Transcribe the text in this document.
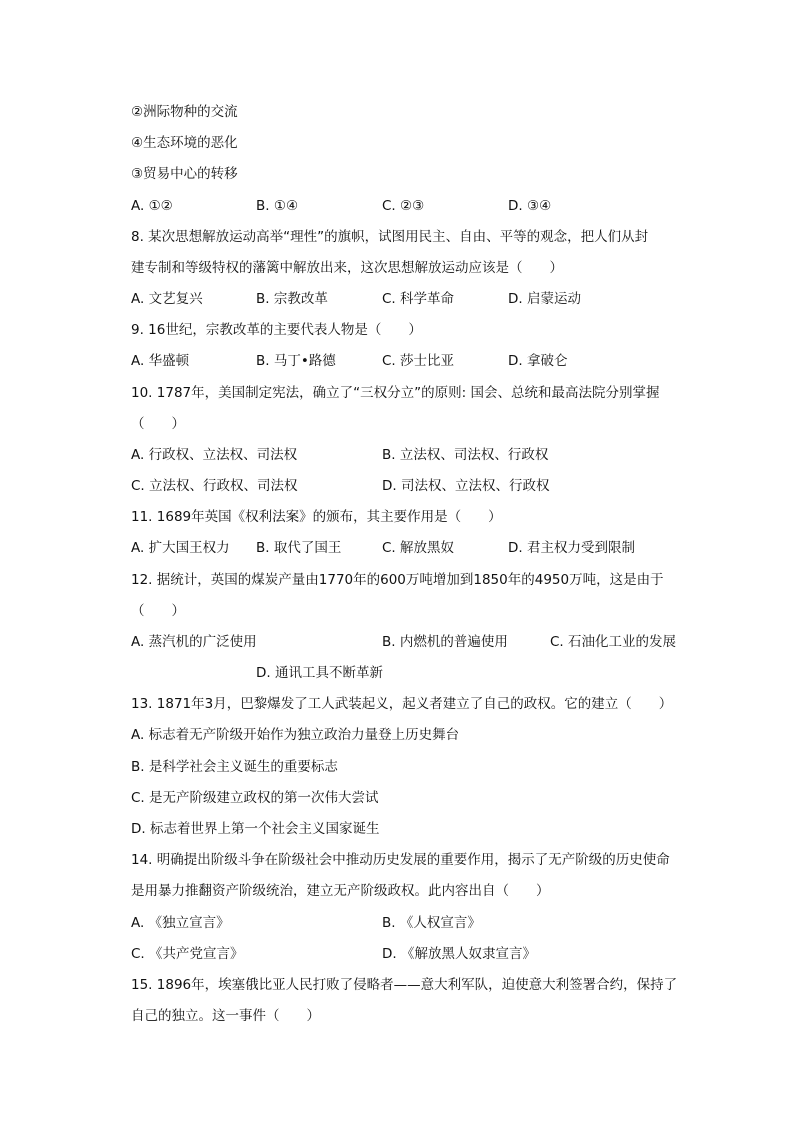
②洲际物种的交流
④生态环境的恶化
③贸易中心的转移
A. ①②	B. ①④	C. ②③	D. ③④
8. 某次思想解放运动高举“理性”的旗帜，试图用民主、自由、平等的观念，把人们从封
建专制和等级特权的藩篱中解放出来，这次思想解放运动应该是（　　）
A. 文艺复兴	B. 宗教改革	C. 科学革命	D. 启蒙运动
9. 16世纪，宗教改革的主要代表人物是（　　）
A. 华盛顿	B. 马丁•路德	C. 莎士比亚	D. 拿破仑
10. 1787年，美国制定宪法，确立了“三权分立”的原则: 国会、总统和最高法院分别掌握
（　　）
A. 行政权、立法权、司法权	B. 立法权、司法权、行政权
C. 立法权、行政权、司法权	D. 司法权、立法权、行政权
11. 1689年英国《权利法案》的颁布，其主要作用是（　　）
A. 扩大国王权力 B. 取代了国王	C. 解放黑奴	D. 君主权力受到限制
12. 据统计，英国的煤炭产量由1770年的600万吨增加到1850年的4950万吨，这是由于
（　　）
A. 蒸汽机的广泛使用	B. 内燃机的普遍使用	C. 石油化工业的发展
D. 通讯工具不断革新
13. 1871年3月，巴黎爆发了工人武装起义，起义者建立了自己的政权。它的建立（　　）
A. 标志着无产阶级开始作为独立政治力量登上历史舞台
B. 是科学社会主义诞生的重要标志
C. 是无产阶级建立政权的第一次伟大尝试
D. 标志着世界上第一个社会主义国家诞生
14. 明确提出阶级斗争在阶级社会中推动历史发展的重要作用，揭示了无产阶级的历史使命
是用暴力推翻资产阶级统治，建立无产阶级政权。此内容出自（　　）
A. 《独立宣言》	B. 《人权宣言》
C. 《共产党宣言》	D. 《解放黑人奴隶宣言》
15. 1896年，埃塞俄比亚人民打败了侵略者——意大利军队，迫使意大利签署合约，保持了
自己的独立。这一事件（　　）
